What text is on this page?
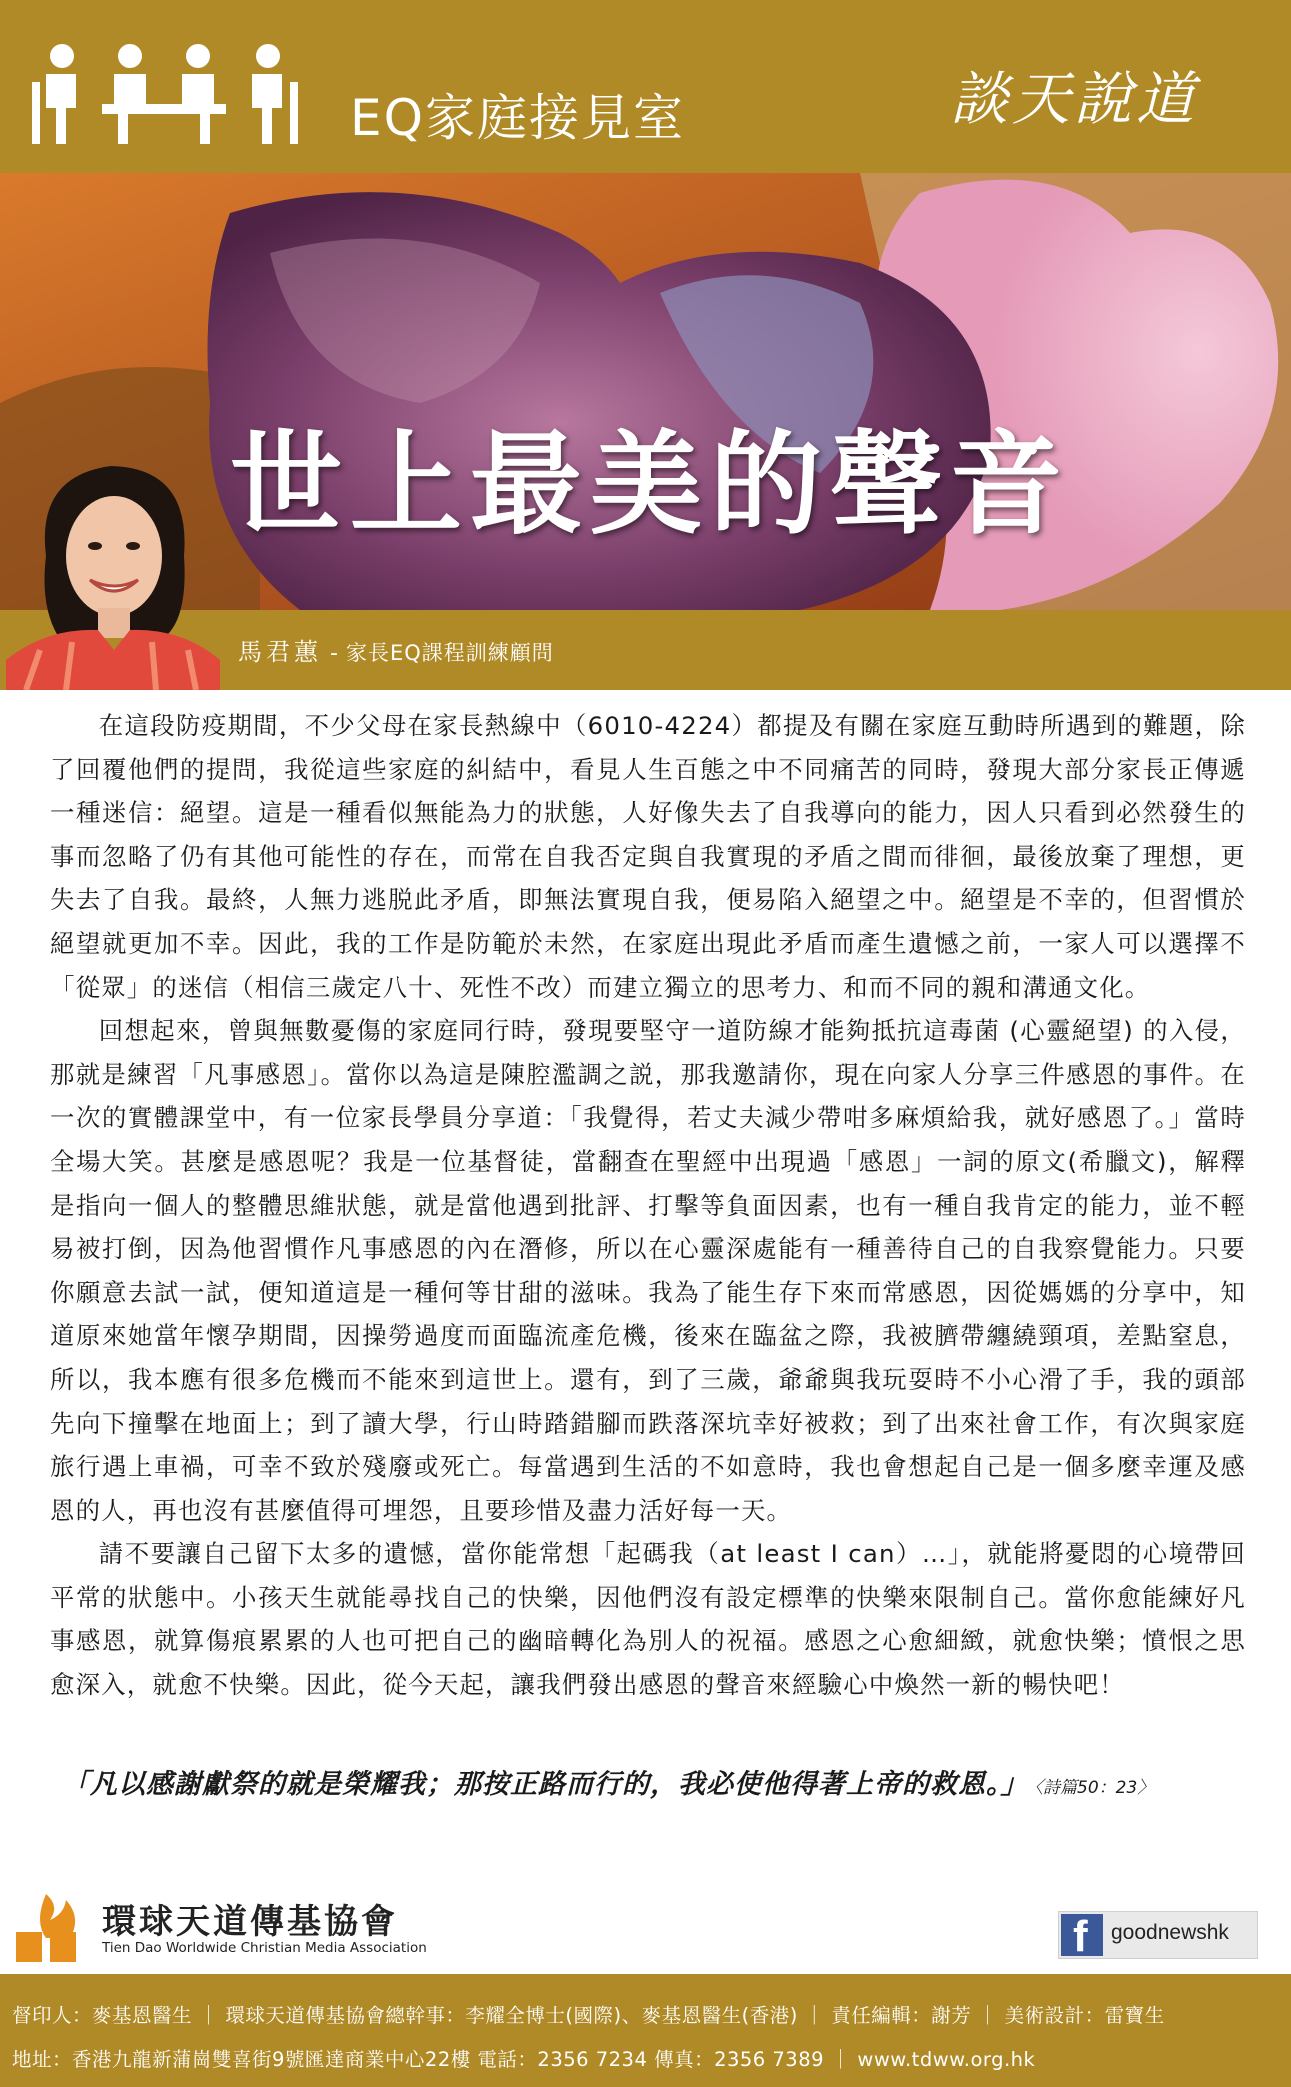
EQ家庭接見室	談天說道
世上最美的聲音
馬君蕙 - 家長EQ課程訓練顧問

在這段防疫期間，不少父母在家長熱線中（6010-4224）都提及有關在家庭互動時所遇到的難題，除了回覆他們的提問，我從這些家庭的糾結中，看見人生百態之中不同痛苦的同時，發現大部分家長正傳遞一種迷信：絕望。這是一種看似無能為力的狀態，人好像失去了自我導向的能力，因人只看到必然發生的事而忽略了仍有其他可能性的存在，而常在自我否定與自我實現的矛盾之間而徘徊，最後放棄了理想，更失去了自我。最終，人無力逃脱此矛盾，即無法實現自我，便易陷入絕望之中。絕望是不幸的，但習慣於絕望就更加不幸。因此，我的工作是防範於未然，在家庭出現此矛盾而產生遺憾之前，一家人可以選擇不「從眾」的迷信（相信三歲定八十、死性不改）而建立獨立的思考力、和而不同的親和溝通文化。

回想起來，曾與無數憂傷的家庭同行時，發現要堅守一道防線才能夠抵抗這毒菌 (心靈絕望) 的入侵，那就是練習「凡事感恩」。當你以為這是陳腔濫調之説，那我邀請你，現在向家人分享三件感恩的事件。在一次的實體課堂中，有一位家長學員分享道：「我覺得，若丈夫減少帶咁多麻煩給我，就好感恩了。」當時全場大笑。甚麼是感恩呢？我是一位基督徒，當翻查在聖經中出現過「感恩」一詞的原文(希臘文)，解釋是指向一個人的整體思維狀態，就是當他遇到批評、打擊等負面因素，也有一種自我肯定的能力，並不輕易被打倒，因為他習慣作凡事感恩的內在潛修，所以在心靈深處能有一種善待自己的自我察覺能力。只要你願意去試一試，便知道這是一種何等甘甜的滋味。我為了能生存下來而常感恩，因從媽媽的分享中，知道原來她當年懷孕期間，因操勞過度而面臨流產危機，後來在臨盆之際，我被臍帶纏繞頸項，差點窒息，所以，我本應有很多危機而不能來到這世上。還有，到了三歲，爺爺與我玩耍時不小心滑了手，我的頭部先向下撞擊在地面上；到了讀大學，行山時踏錯腳而跌落深坑幸好被救；到了出來社會工作，有次與家庭旅行遇上車禍，可幸不致於殘廢或死亡。每當遇到生活的不如意時，我也會想起自己是一個多麼幸運及感恩的人，再也沒有甚麼值得可埋怨，且要珍惜及盡力活好每一天。

請不要讓自己留下太多的遺憾，當你能常想「起碼我（at least I can）…」，就能將憂悶的心境帶回平常的狀態中。小孩天生就能尋找自己的快樂，因他們沒有設定標準的快樂來限制自己。當你愈能練好凡事感恩，就算傷痕累累的人也可把自己的幽暗轉化為別人的祝福。感恩之心愈細緻，就愈快樂；憤恨之思愈深入，就愈不快樂。因此，從今天起，讓我們發出感恩的聲音來經驗心中煥然一新的暢快吧！

「凡以感謝獻祭的就是榮耀我；那按正路而行的，我必使他得著上帝的救恩。」 〈詩篇50：23〉
環球天道傳基協會
Tien Dao Worldwide Christian Media Association	f goodnewshk
督印人：麥基恩醫生 ｜ 環球天道傳基協會總幹事：李耀全博士(國際)、麥基恩醫生(香港) ｜ 責任編輯：謝芳 ｜ 美術設計：雷寶生
地址：香港九龍新蒲崗雙喜街9號匯達商業中心22樓 電話：2356 7234 傳真：2356 7389 ｜ www.tdww.org.hk
